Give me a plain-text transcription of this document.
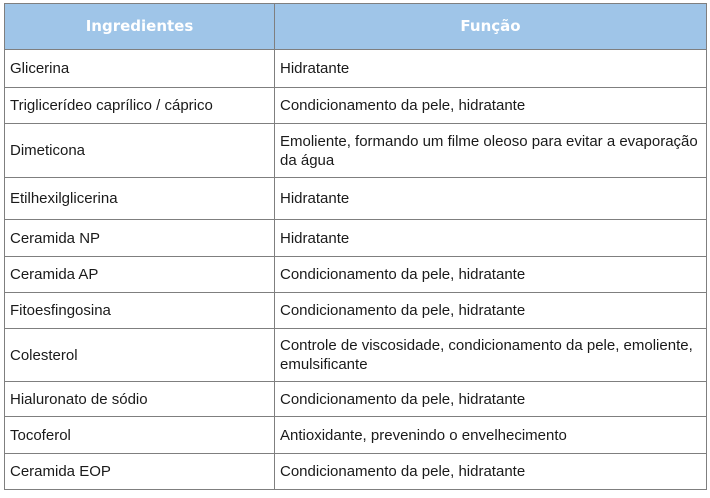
Ingredientes	Função
Glicerina	Hidratante
Triglicerídeo caprílico / cáprico	Condicionamento da pele, hidratante
Dimeticona	Emoliente, formando um filme oleoso para evitar a evaporação da água
Etilhexilglicerina	Hidratante
Ceramida NP	Hidratante
Ceramida AP	Condicionamento da pele, hidratante
Fitoesfingosina	Condicionamento da pele, hidratante
Colesterol	Controle de viscosidade, condicionamento da pele, emoliente, emulsificante
Hialuronato de sódio	Condicionamento da pele, hidratante
Tocoferol	Antioxidante, prevenindo o envelhecimento
Ceramida EOP	Condicionamento da pele, hidratante
